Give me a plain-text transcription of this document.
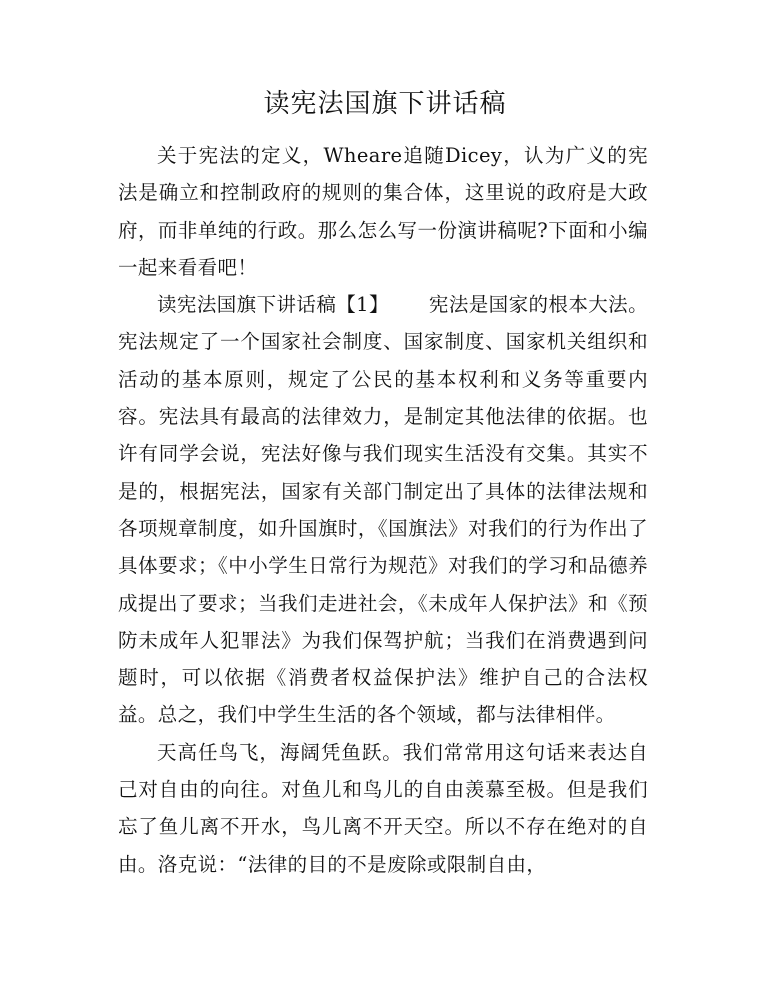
读宪法国旗下讲话稿

关于宪法的定义，Wheare追随Dicey，认为广义的宪法是确立和控制政府的规则的集合体，这里说的政府是大政府，而非单纯的行政。那么怎么写一份演讲稿呢?下面和小编一起来看看吧！

读宪法国旗下讲话稿【1】 宪法是国家的根本大法。宪法规定了一个国家社会制度、国家制度、国家机关组织和活动的基本原则，规定了公民的基本权利和义务等重要内容。宪法具有最高的法律效力，是制定其他法律的依据。也许有同学会说，宪法好像与我们现实生活没有交集。其实不是的，根据宪法，国家有关部门制定出了具体的法律法规和各项规章制度，如升国旗时，《国旗法》对我们的行为作出了具体要求；《中小学生日常行为规范》对我们的学习和品德养成提出了要求；当我们走进社会，《未成年人保护法》和《预防未成年人犯罪法》为我们保驾护航；当我们在消费遇到问题时，可以依据《消费者权益保护法》维护自己的合法权益。总之，我们中学生生活的各个领域，都与法律相伴。

天高任鸟飞，海阔凭鱼跃。我们常常用这句话来表达自己对自由的向往。对鱼儿和鸟儿的自由羡慕至极。但是我们忘了鱼儿离不开水，鸟儿离不开天空。所以不存在绝对的自由。洛克说：“法律的目的不是废除或限制自由，
